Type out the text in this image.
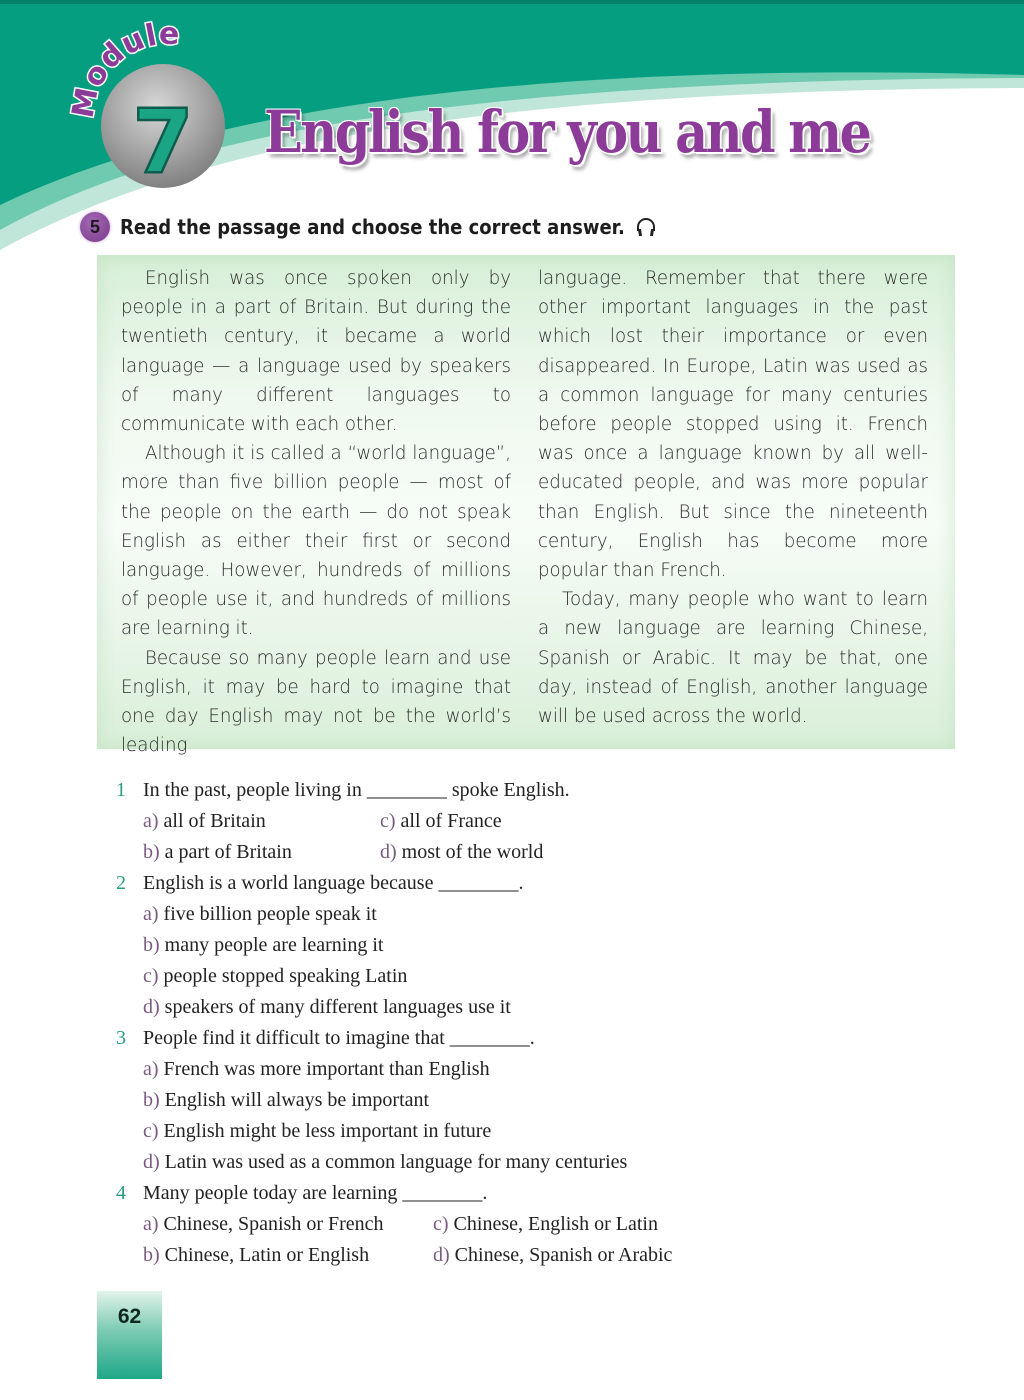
Module
7 English for you and me
5	Read the passage and choose the correct answer.

English was once spoken only by people in a part of Britain. But during the twentieth century, it became a world language — a language used by speakers of many different languages to communicate with each other.

Although it is called a “world language”, more than five billion people — most of the people on the earth — do not speak English as either their first or second language. However, hundreds of millions of people use it, and hundreds of millions are learning it.

Because so many people learn and use English, it may be hard to imagine that one day English may not be the world’s leading

language. Remember that there were other important languages in the past which lost their importance or even disappeared. In Europe, Latin was used as a common language for many centuries before people stopped using it. French was once a language known by all well-educated people, and was more popular than English. But since the nineteenth century, English has become more popular than French.

Today, many people who want to learn a new language are learning Chinese, Spanish or Arabic. It may be that, one day, instead of English, another language will be used across the world.

1 In the past, people living in ________ spoke English.
a) all of Britain	c) all of France
b) a part of Britain	d) most of the world
2 English is a world language because ________.
a) five billion people speak it
b) many people are learning it
c) people stopped speaking Latin
d) speakers of many different languages use it
3 People find it difficult to imagine that ________.
a) French was more important than English
b) English will always be important
c) English might be less important in future
d) Latin was used as a common language for many centuries
4 Many people today are learning ________.
a) Chinese, Spanish or French	c) Chinese, English or Latin
b) Chinese, Latin or English	d) Chinese, Spanish or Arabic
62
